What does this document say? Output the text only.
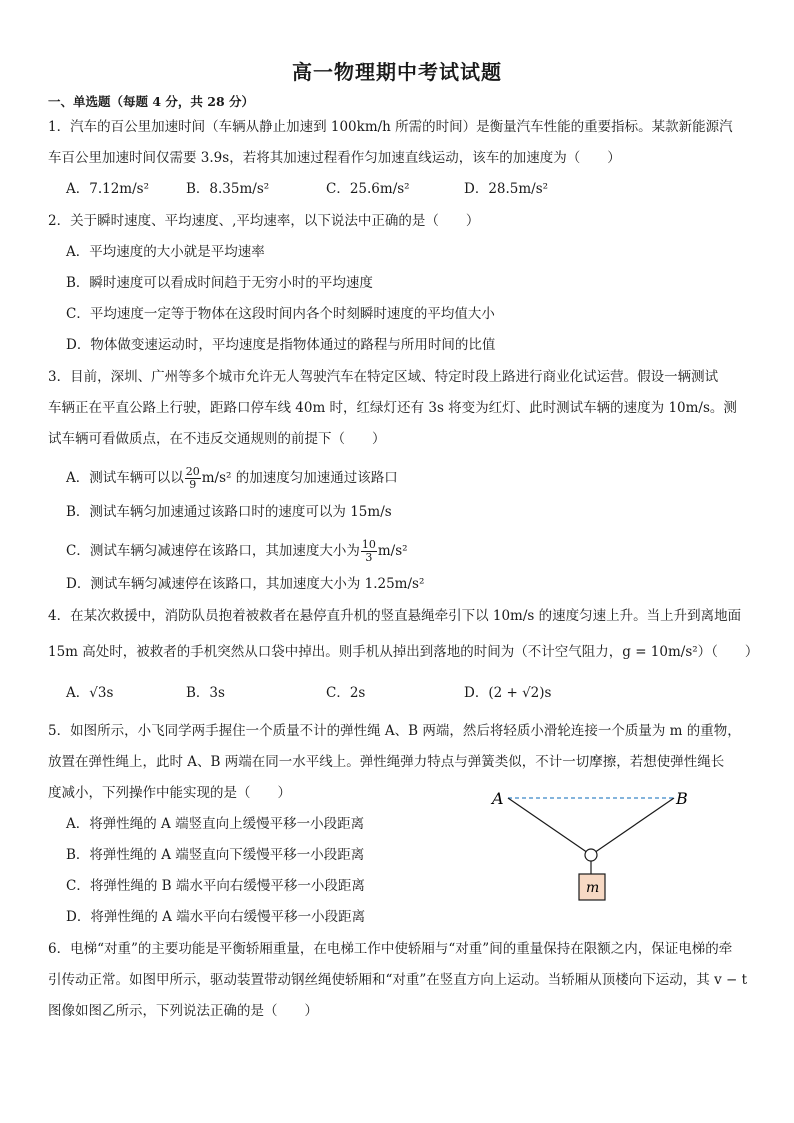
高一物理期中考试试题
一、单选题（每题 4 分，共 28 分）
1．汽车的百公里加速时间（车辆从静止加速到 100km/h 所需的时间）是衡量汽车性能的重要指标。某款新能源汽
车百公里加速时间仅需要 3.9s，若将其加速过程看作匀加速直线运动，该车的加速度为（　　）
A．7.12m/s²	B．8.35m/s²	C．25.6m/s²	D．28.5m/s²
2．关于瞬时速度、平均速度、,平均速率，以下说法中正确的是（　　）
A．平均速度的大小就是平均速率
B．瞬时速度可以看成时间趋于无穷小时的平均速度
C．平均速度一定等于物体在这段时间内各个时刻瞬时速度的平均值大小
D．物体做变速运动时，平均速度是指物体通过的路程与所用时间的比值
3．目前，深圳、广州等多个城市允许无人驾驶汽车在特定区域、特定时段上路进行商业化试运营。假设一辆测试
车辆正在平直公路上行驶，距路口停车线 40m 时，红绿灯还有 3s 将变为红灯、此时测试车辆的速度为 10m/s。测
试车辆可看做质点，在不违反交通规则的前提下（　　）
A．测试车辆可以以 $\frac{20}{9} m/s^2$ 的加速度匀加速通过该路口
B．测试车辆匀加速通过该路口时的速度可以为 15m/s
C．测试车辆匀减速停在该路口，其加速度大小为 $\frac{10}{3} m/s^2$
D．测试车辆匀减速停在该路口，其加速度大小为 1.25m/s²
4．在某次救援中，消防队员抱着被救者在悬停直升机的竖直悬绳牵引下以 10m/s 的速度匀速上升。当上升到离地面
15m 高处时，被救者的手机突然从口袋中掉出。则手机从掉出到落地的时间为（不计空气阻力，g = 10m/s²）（　　）
A．√3s	B．3s	C．2s	D．(2 + √2)s
5．如图所示，小飞同学两手握住一个质量不计的弹性绳 A、B 两端，然后将轻质小滑轮连接一个质量为 m 的重物，
放置在弹性绳上，此时 A、B 两端在同一水平线上。弹性绳弹力特点与弹簧类似，不计一切摩擦，若想使弹性绳长
度减小，下列操作中能实现的是（　　）
A．将弹性绳的 A 端竖直向上缓慢平移一小段距离
B．将弹性绳的 A 端竖直向下缓慢平移一小段距离
C．将弹性绳的 B 端水平向右缓慢平移一小段距离
D．将弹性绳的 A 端水平向右缓慢平移一小段距离
A	B
m
6．电梯“对重”的主要功能是平衡轿厢重量，在电梯工作中使轿厢与“对重”间的重量保持在限额之内，保证电梯的牵
引传动正常。如图甲所示，驱动装置带动钢丝绳使轿厢和“对重”在竖直方向上运动。当轿厢从顶楼向下运动，其 v − t
图像如图乙所示，下列说法正确的是（　　）
